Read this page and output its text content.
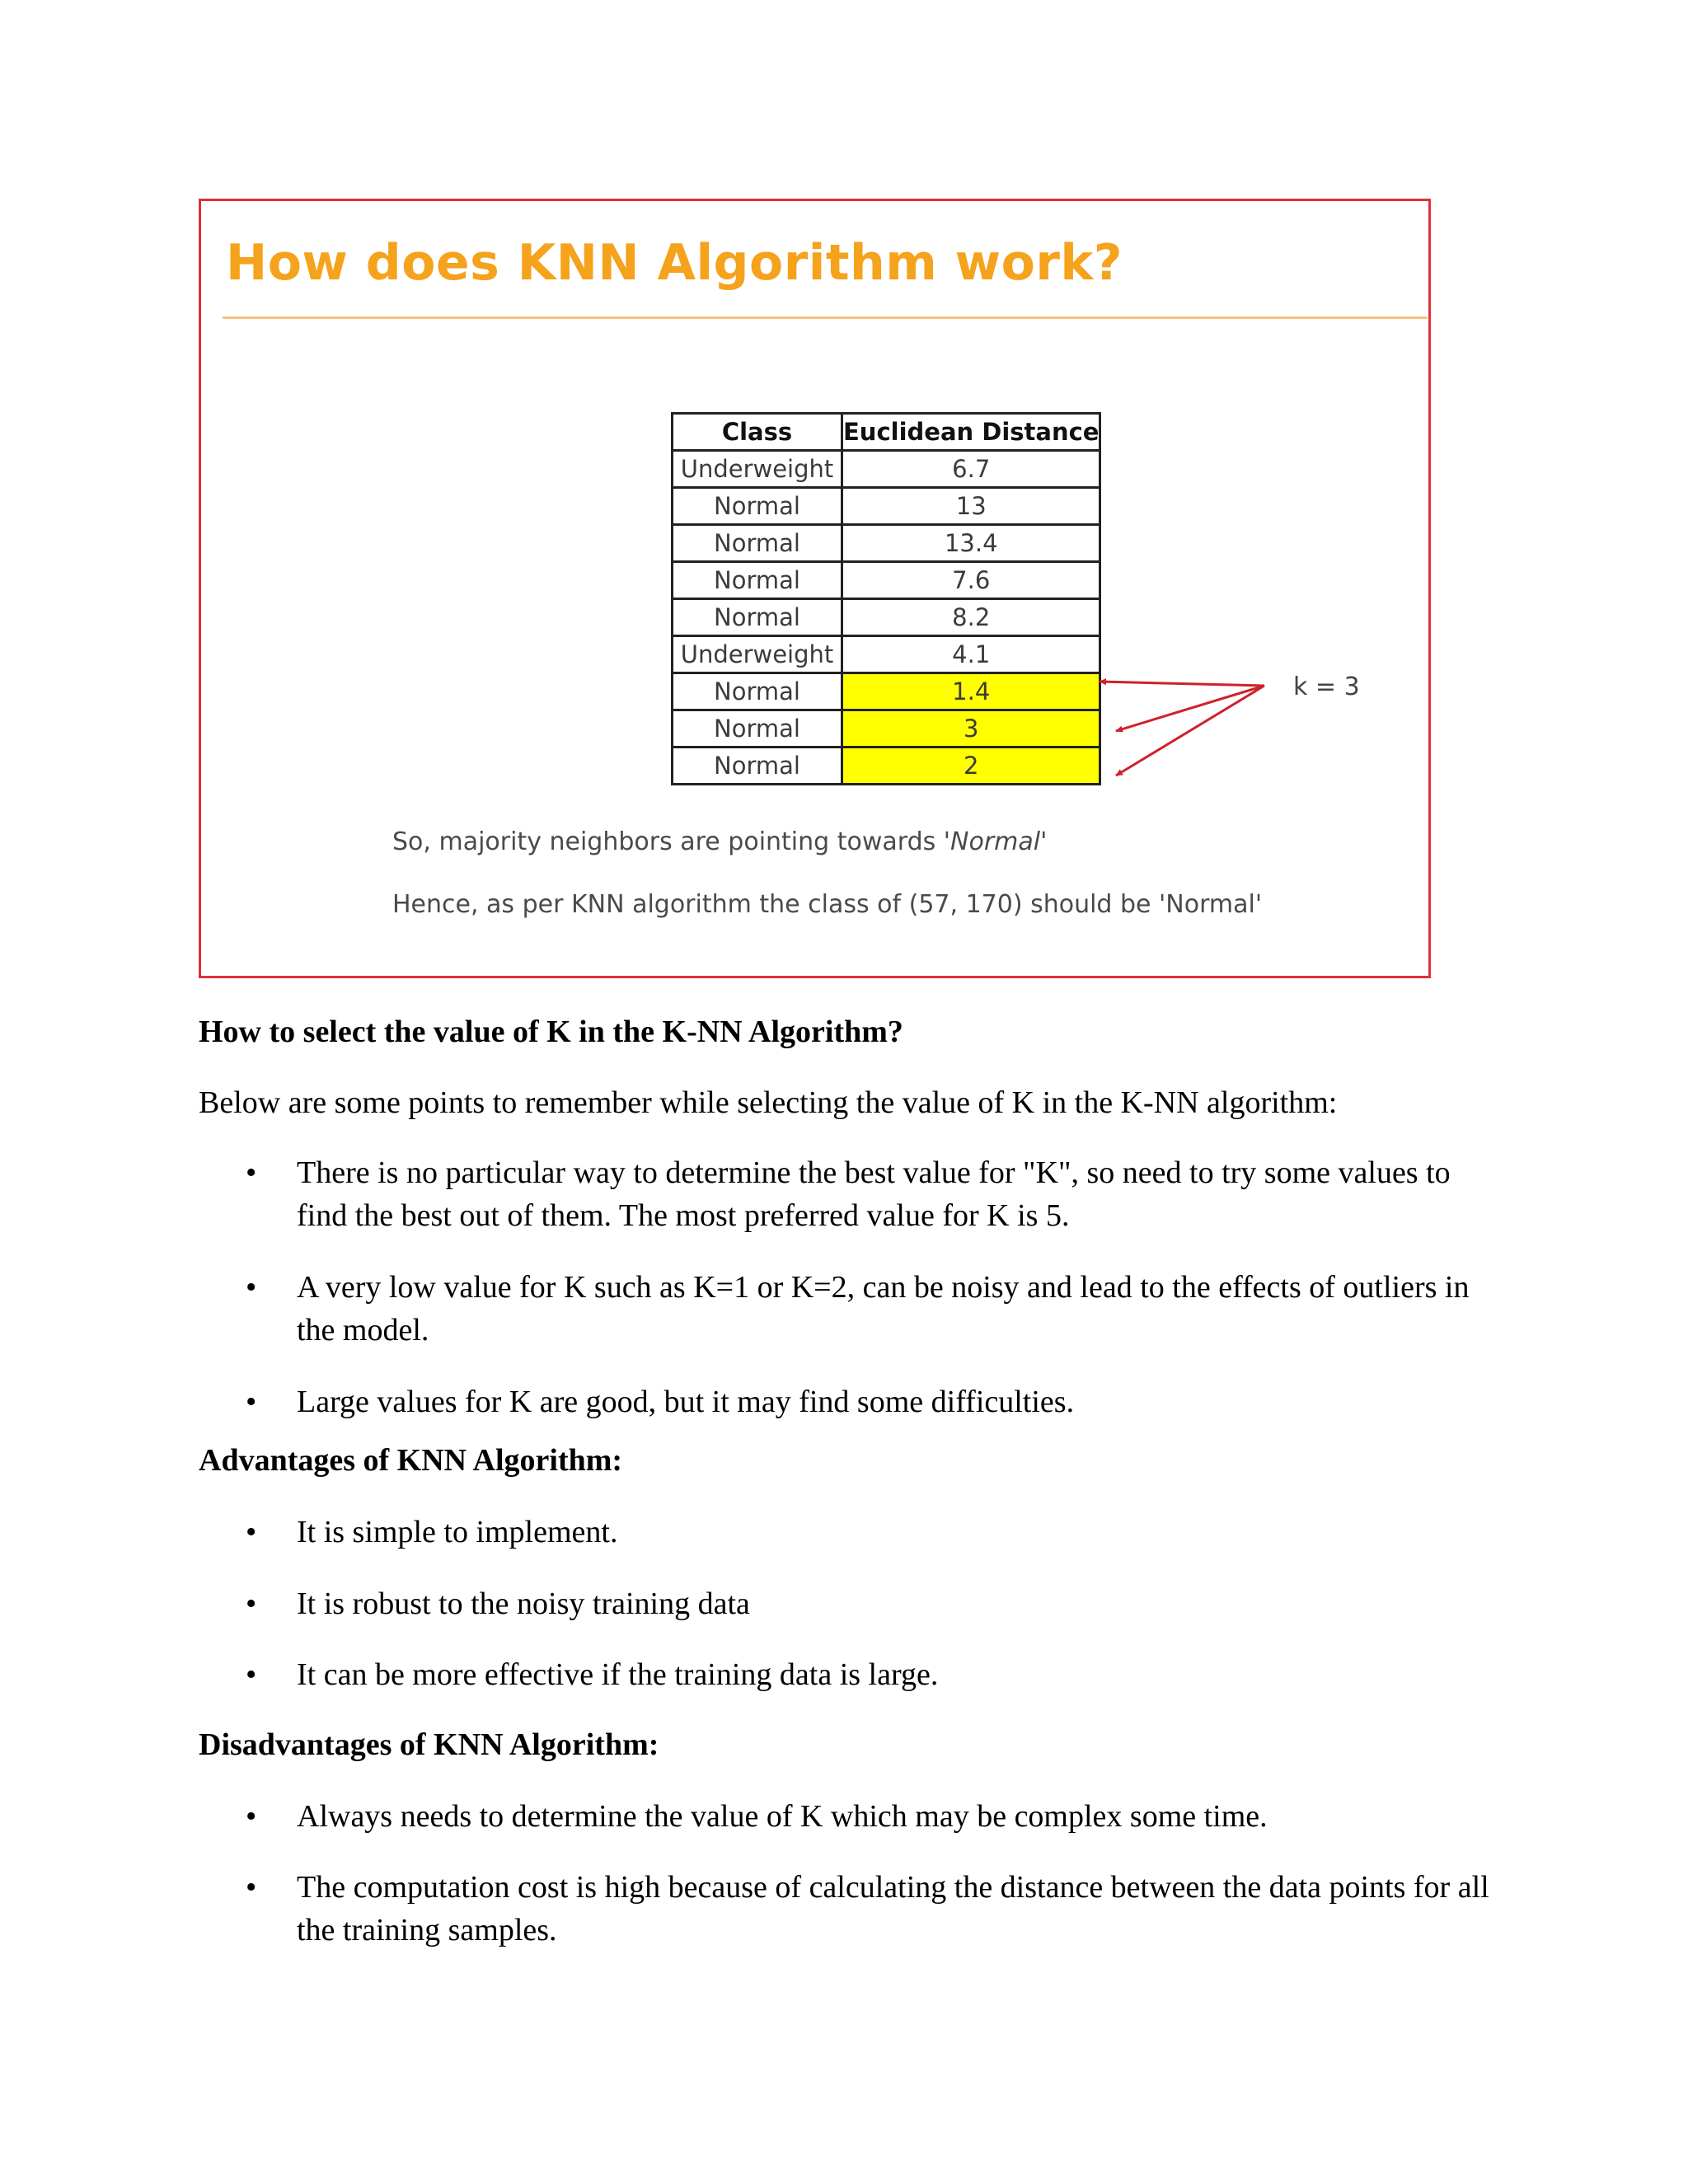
How does KNN Algorithm work?
Class	Euclidean Distance
Underweight	6.7
Normal	13
Normal	13.4
Normal	7.6
Normal	8.2
Underweight	4.1
Normal	1.4
Normal	3
Normal	2
k = 3

So, majority neighbors are pointing towards 'Normal'

Hence, as per KNN algorithm the class of (57, 170) should be 'Normal'

How to select the value of K in the K-NN Algorithm?

Below are some points to remember while selecting the value of K in the K-NN algorithm:

• There is no particular way to determine the best value for "K", so need to try some values to find the best out of them. The most preferred value for K is 5.

• A very low value for K such as K=1 or K=2, can be noisy and lead to the effects of outliers in the model.

• Large values for K are good, but it may find some difficulties.

Advantages of KNN Algorithm:
• It is simple to implement.

• It is robust to the noisy training data

• It can be more effective if the training data is large.

Disadvantages of KNN Algorithm:
• Always needs to determine the value of K which may be complex some time.

• The computation cost is high because of calculating the distance between the data points for all the training samples.
